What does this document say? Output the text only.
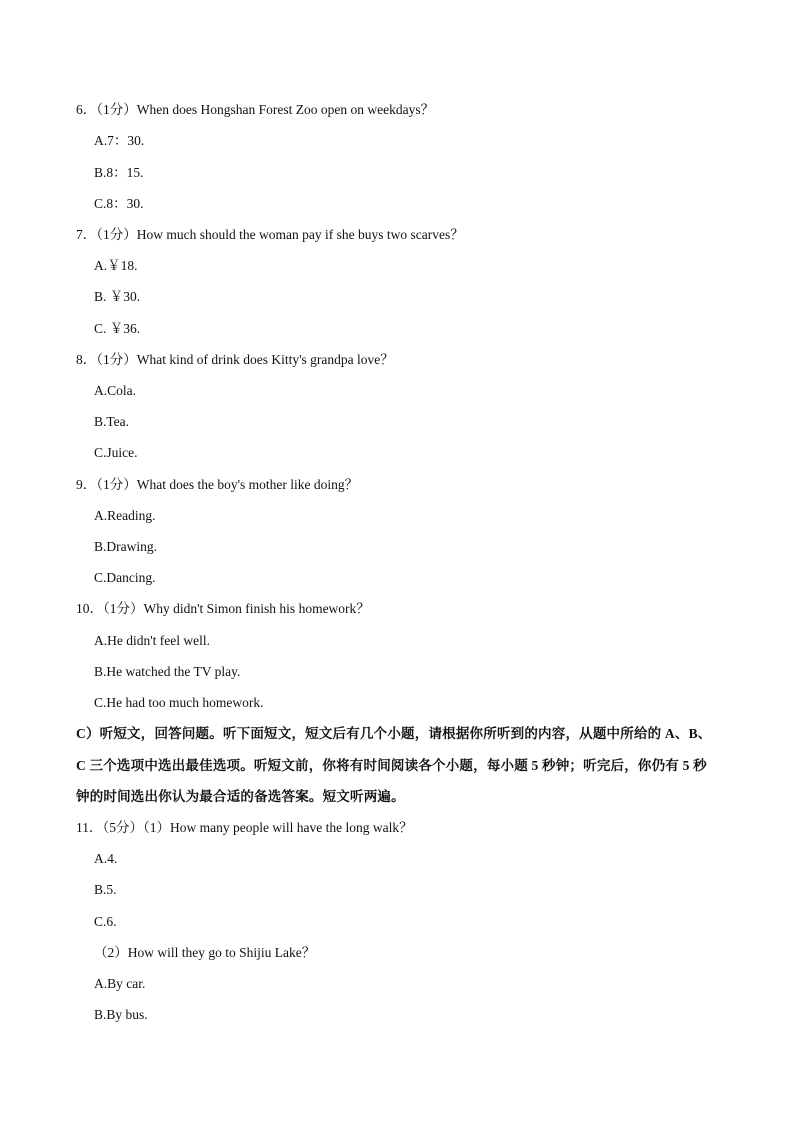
6．（1分）When does Hongshan Forest Zoo open on weekdays？
A.7：30.
B.8：15.
C.8：30.
7．（1分）How much should the woman pay if she buys two scarves？
A.￥18.
B. ￥30.
C. ￥36.
8．（1分）What kind of drink does Kitty's grandpa love？
A.Cola.
B.Tea.
C.Juice.
9．（1分）What does the boy's mother like doing？
A.Reading.
B.Drawing.
C.Dancing.
10．（1分）Why didn't Simon finish his homework？
A.He didn't feel well.
B.He watched the TV play.
C.He had too much homework.
C）听短文，回答问题。听下面短文，短文后有几个小题，请根据你所听到的内容，从题中所给的 A、B、
C 三个选项中选出最佳选项。听短文前，你将有时间阅读各个小题，每小题 5 秒钟；听完后，你仍有 5 秒
钟的时间选出你认为最合适的备选答案。短文听两遍。
11．（5分）（1）How many people will have the long walk？
A.4.
B.5.
C.6.
（2）How will they go to Shijiu Lake？
A.By car.
B.By bus.
